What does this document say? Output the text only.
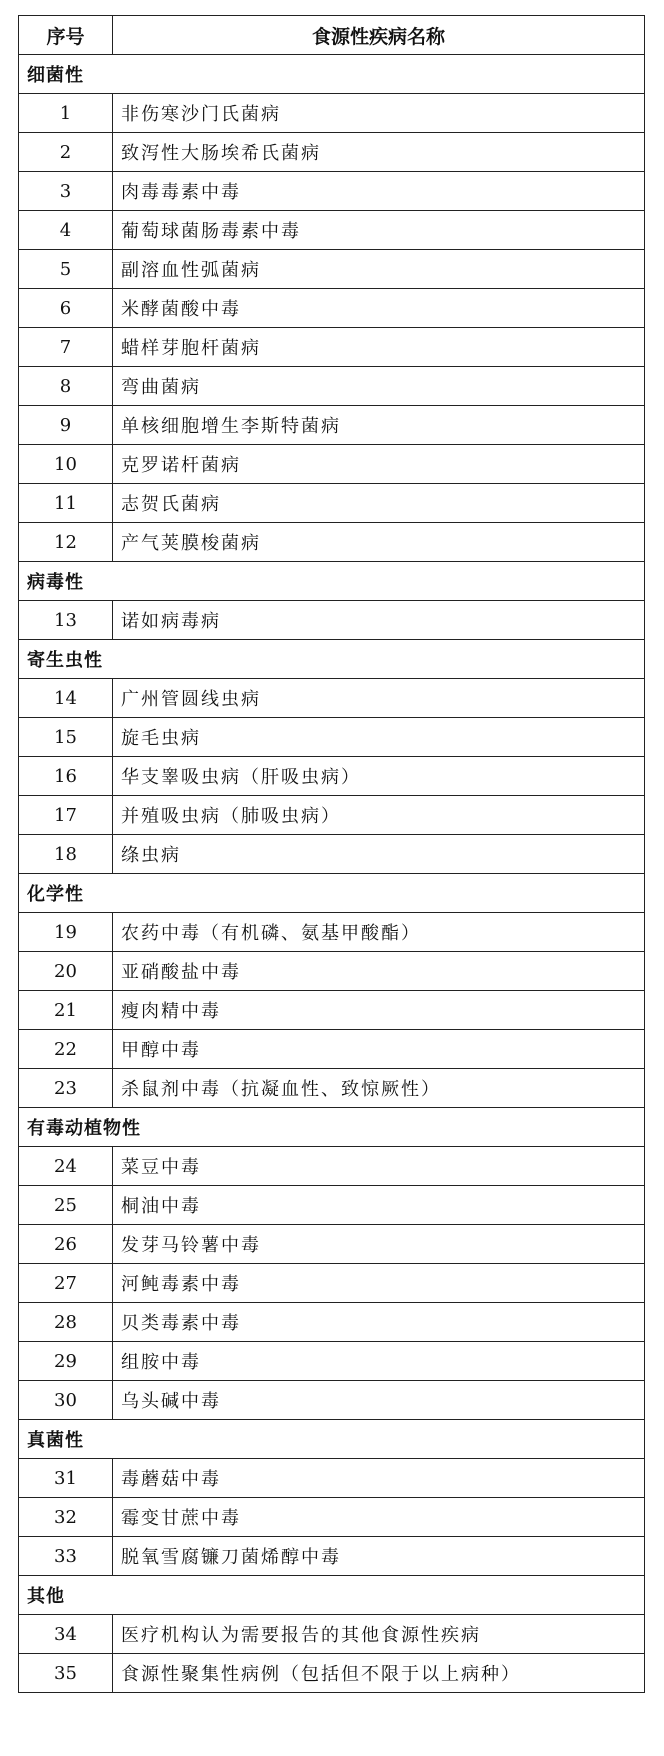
序号	食源性疾病名称
细菌性	
1	非伤寒沙门氏菌病
2	致泻性大肠埃希氏菌病
3	肉毒毒素中毒
4	葡萄球菌肠毒素中毒
5	副溶血性弧菌病
6	米酵菌酸中毒
7	蜡样芽胞杆菌病
8	弯曲菌病
9	单核细胞增生李斯特菌病
10	克罗诺杆菌病
11	志贺氏菌病
12	产气荚膜梭菌病
病毒性	
13	诺如病毒病
寄生虫性	
14	广州管圆线虫病
15	旋毛虫病
16	华支睾吸虫病（肝吸虫病）
17	并殖吸虫病（肺吸虫病）
18	绦虫病
化学性	
19	农药中毒（有机磷、氨基甲酸酯）
20	亚硝酸盐中毒
21	瘦肉精中毒
22	甲醇中毒
23	杀鼠剂中毒（抗凝血性、致惊厥性）
有毒动植物性	
24	菜豆中毒
25	桐油中毒
26	发芽马铃薯中毒
27	河鲀毒素中毒
28	贝类毒素中毒
29	组胺中毒
30	乌头碱中毒
真菌性	
31	毒蘑菇中毒
32	霉变甘蔗中毒
33	脱氧雪腐镰刀菌烯醇中毒
其他	
34	医疗机构认为需要报告的其他食源性疾病
35	食源性聚集性病例（包括但不限于以上病种）
